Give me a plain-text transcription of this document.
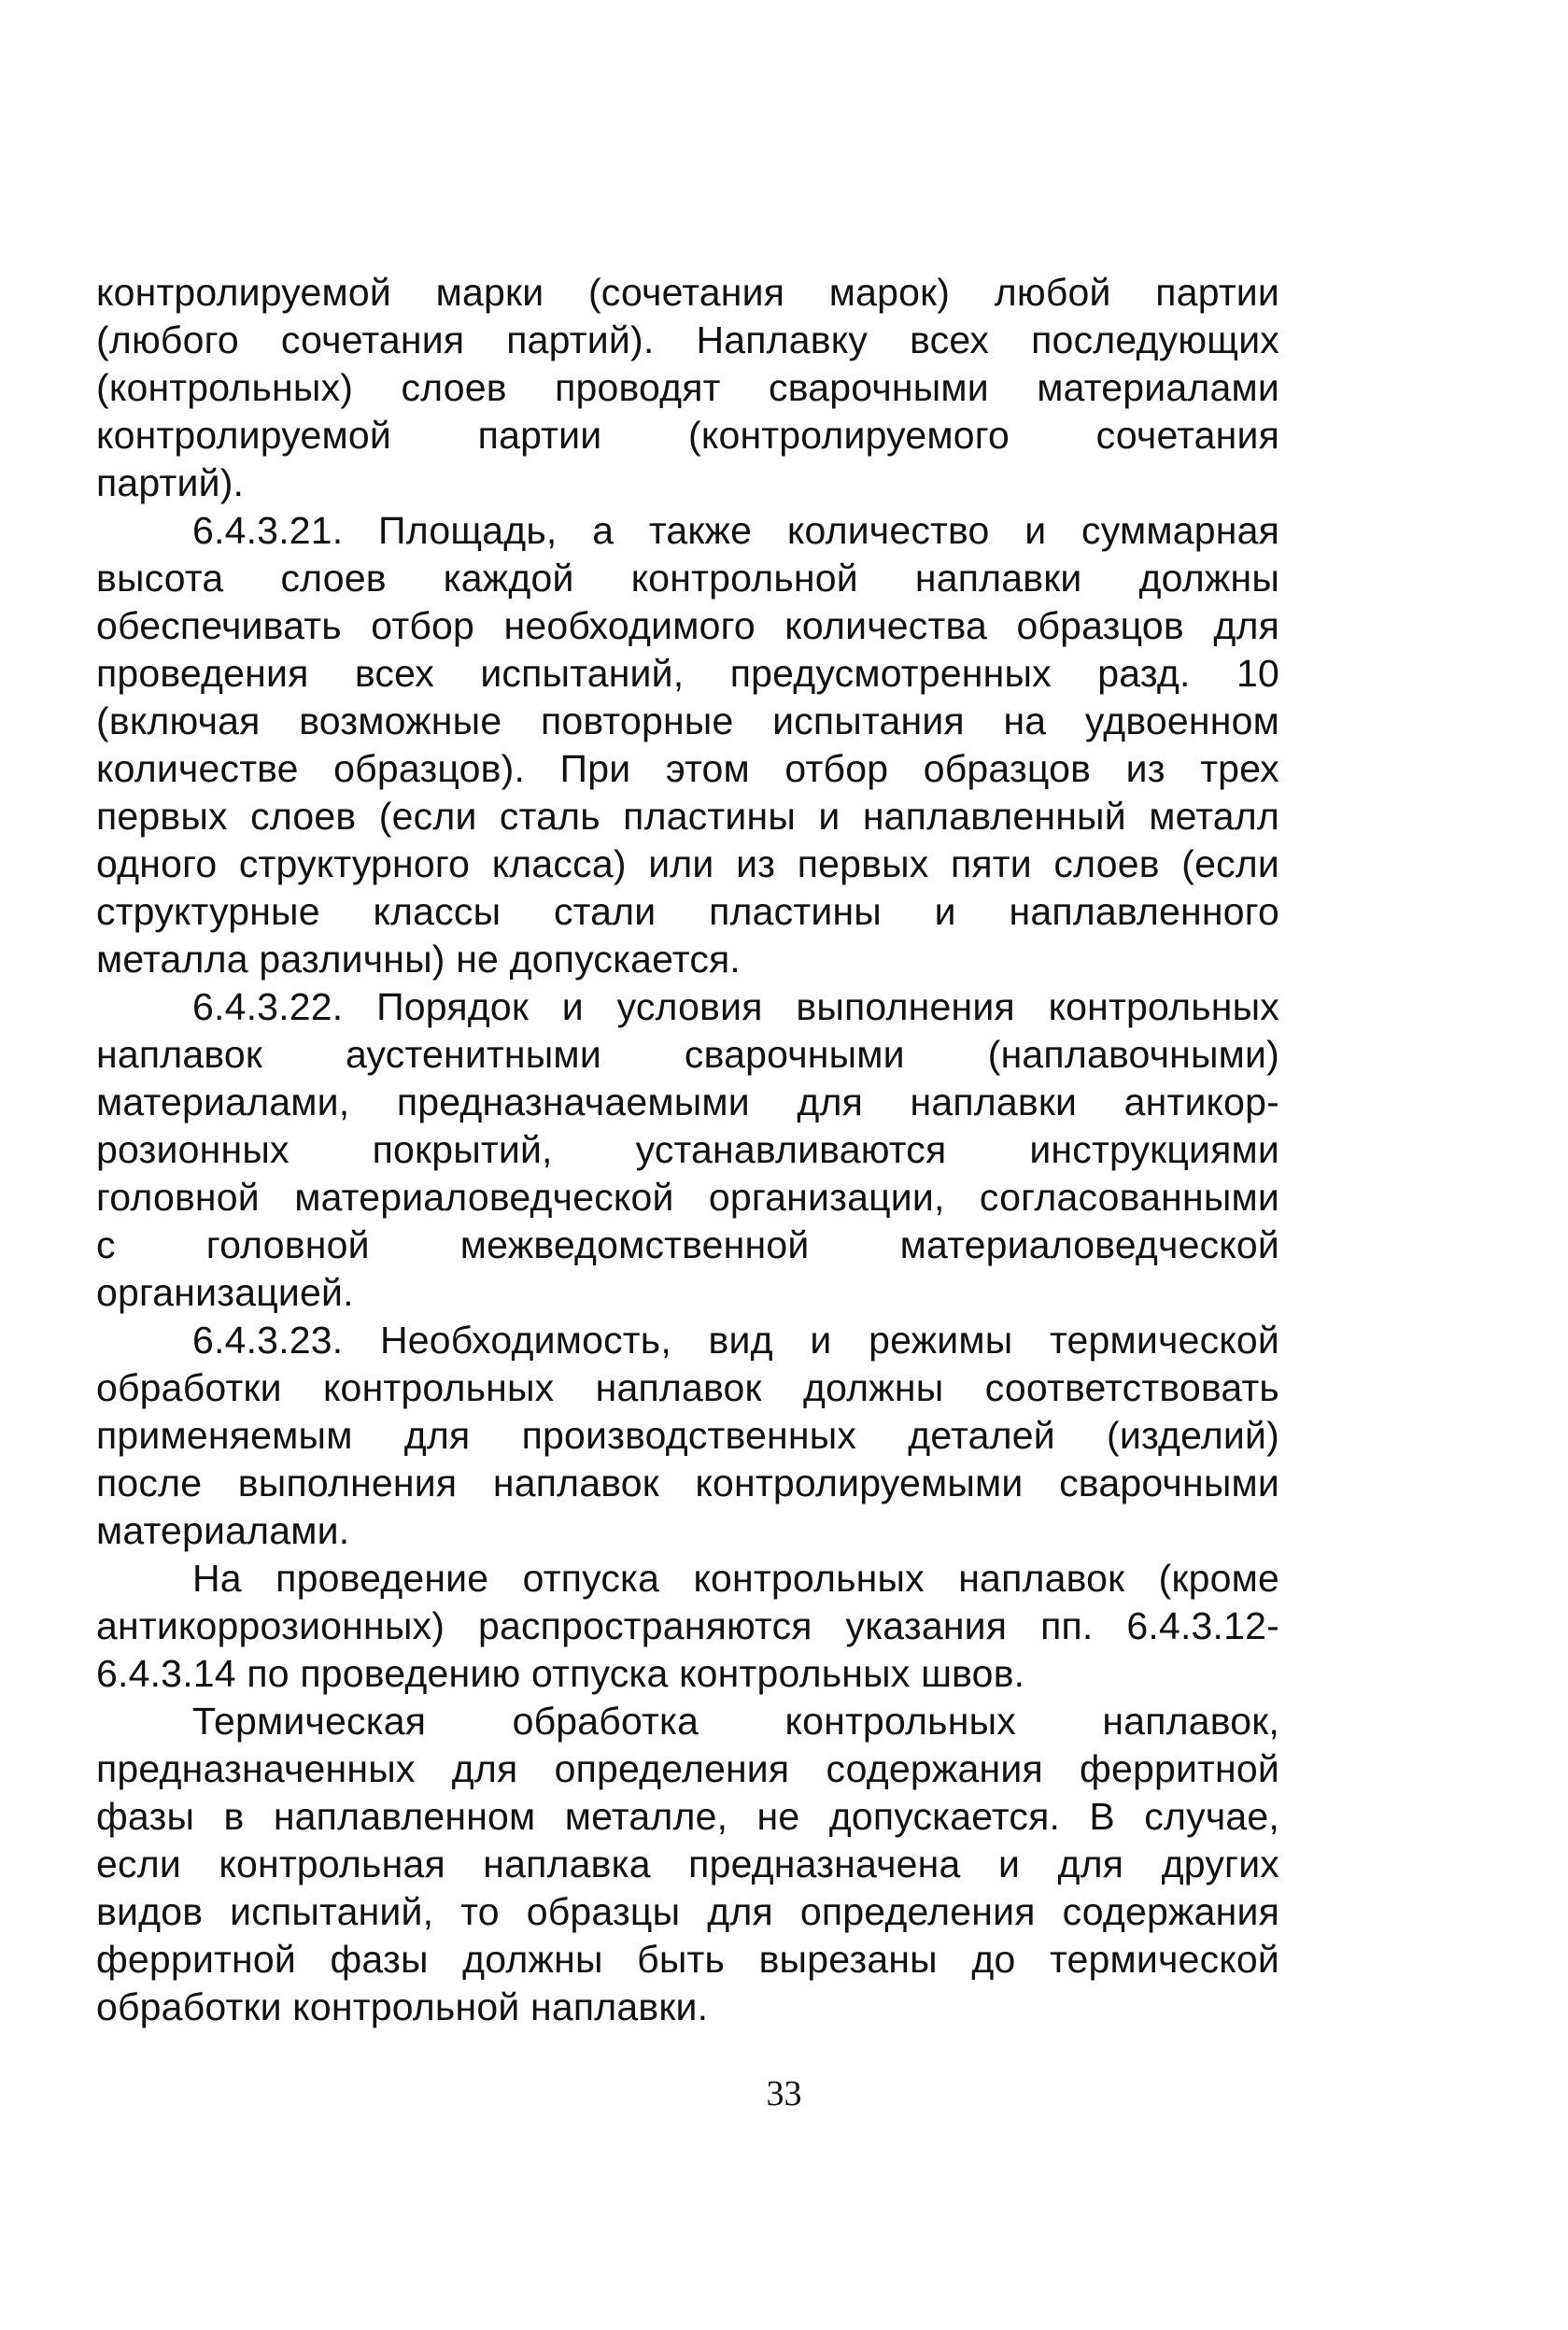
контролируемой марки (сочетания марок) любой партии
(любого сочетания партий). Наплавку всех последующих
(контрольных) слоев проводят сварочными материалами
контролируемой партии (контролируемого сочетания
партий).
6.4.3.21. Площадь, а также количество и суммарная
высота слоев каждой контрольной наплавки должны
обеспечивать отбор необходимого количества образцов для
проведения всех испытаний, предусмотренных разд. 10
(включая возможные повторные испытания на удвоенном
количестве образцов). При этом отбор образцов из трех
первых слоев (если сталь пластины и наплавленный металл
одного структурного класса) или из первых пяти слоев (если
структурные классы стали пластины и наплавленного
металла различны) не допускается.
6.4.3.22. Порядок и условия выполнения контрольных
наплавок аустенитными сварочными (наплавочными)
материалами, предназначаемыми для наплавки антикор-
розионных покрытий, устанавливаются инструкциями
головной материаловедческой организации, согласованными
с головной межведомственной материаловедческой
организацией.
6.4.3.23. Необходимость, вид и режимы термической
обработки контрольных наплавок должны соответствовать
применяемым для производственных деталей (изделий)
после выполнения наплавок контролируемыми сварочными
материалами.
На проведение отпуска контрольных наплавок (кроме
антикоррозионных) распространяются указания пп. 6.4.3.12-
6.4.3.14 по проведению отпуска контрольных швов.
Термическая обработка контрольных наплавок,
предназначенных для определения содержания ферритной
фазы в наплавленном металле, не допускается. В случае,
если контрольная наплавка предназначена и для других
видов испытаний, то образцы для определения содержания
ферритной фазы должны быть вырезаны до термической
обработки контрольной наплавки.
33
